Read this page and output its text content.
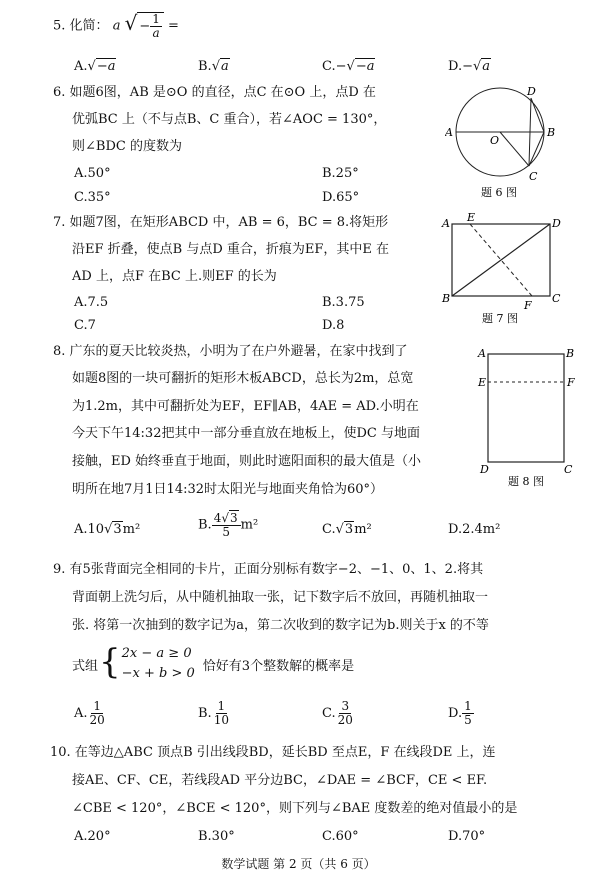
5. 化简： a √ − $\frac{1}{a}$ =
A.√−a	B.√a	C.−√−a	D.−√a
6. 如题6图，AB 是⊙O 的直径，点C 在⊙O 上，点D 在
优弧BC 上（不与点B、C 重合），若∠AOC = 130°，
则∠BDC 的度数为
A.50°	B.25°
C.35°	D.65°
A	B
C
D
O
题 6 图
7. 如题7图，在矩形ABCD 中，AB = 6，BC = 8.将矩形
沿EF 折叠，使点B 与点D 重合，折痕为EF，其中E 在
AD 上，点F 在BC 上.则EF 的长为
A.7.5	B.3.75
C.7	D.8
A E	D
B
F
C
题 7 图
8. 广东的夏天比较炎热，小明为了在户外避暑，在家中找到了
如题8图的一块可翻折的矩形木板ABCD，总长为2m，总宽
为1.2m，其中可翻折处为EF，EF∥AB，4AE = AD.小明在
今天下午14:32把其中一部分垂直放在地板上，使DC 与地面
接触，ED 始终垂直于地面，则此时遮阳面积的最大值是（小
明所在地7月1日14:32时太阳光与地面夹角恰为60°）
A.10√3m²	B. $\frac{4√3}{5} m^2$	C.√3m²	D.2.4m²
A	B
E	F
D	C
题 8 图
9. 有5张背面完全相同的卡片，正面分别标有数字−2、−1、0、1、2.将其
背面朝上洗匀后，从中随机抽取一张，记下数字后不放回，再随机抽取一
张. 将第一次抽到的数字记为a，第二次收到的数字记为b.则关于x 的不等
式组 { 2x − a ≥ 0
−x + b > 0 恰好有3个整数解的概率是
A. $\frac{1}{20}$	B. $\frac{1}{10}$	C. $\frac{3}{20}$	D. $\frac{1}{5}$
10. 在等边△ABC 顶点B 引出线段BD，延长BD 至点E，F 在线段DE 上，连
接AE、CF、CE，若线段AD 平分边BC，∠DAE = ∠BCF，CE < EF.
∠CBE < 120°，∠BCE < 120°，则下列与∠BAE 度数差的绝对值最小的是
A.20°	B.30°	C.60°	D.70°
数学试题 第 2 页（共 6 页）
